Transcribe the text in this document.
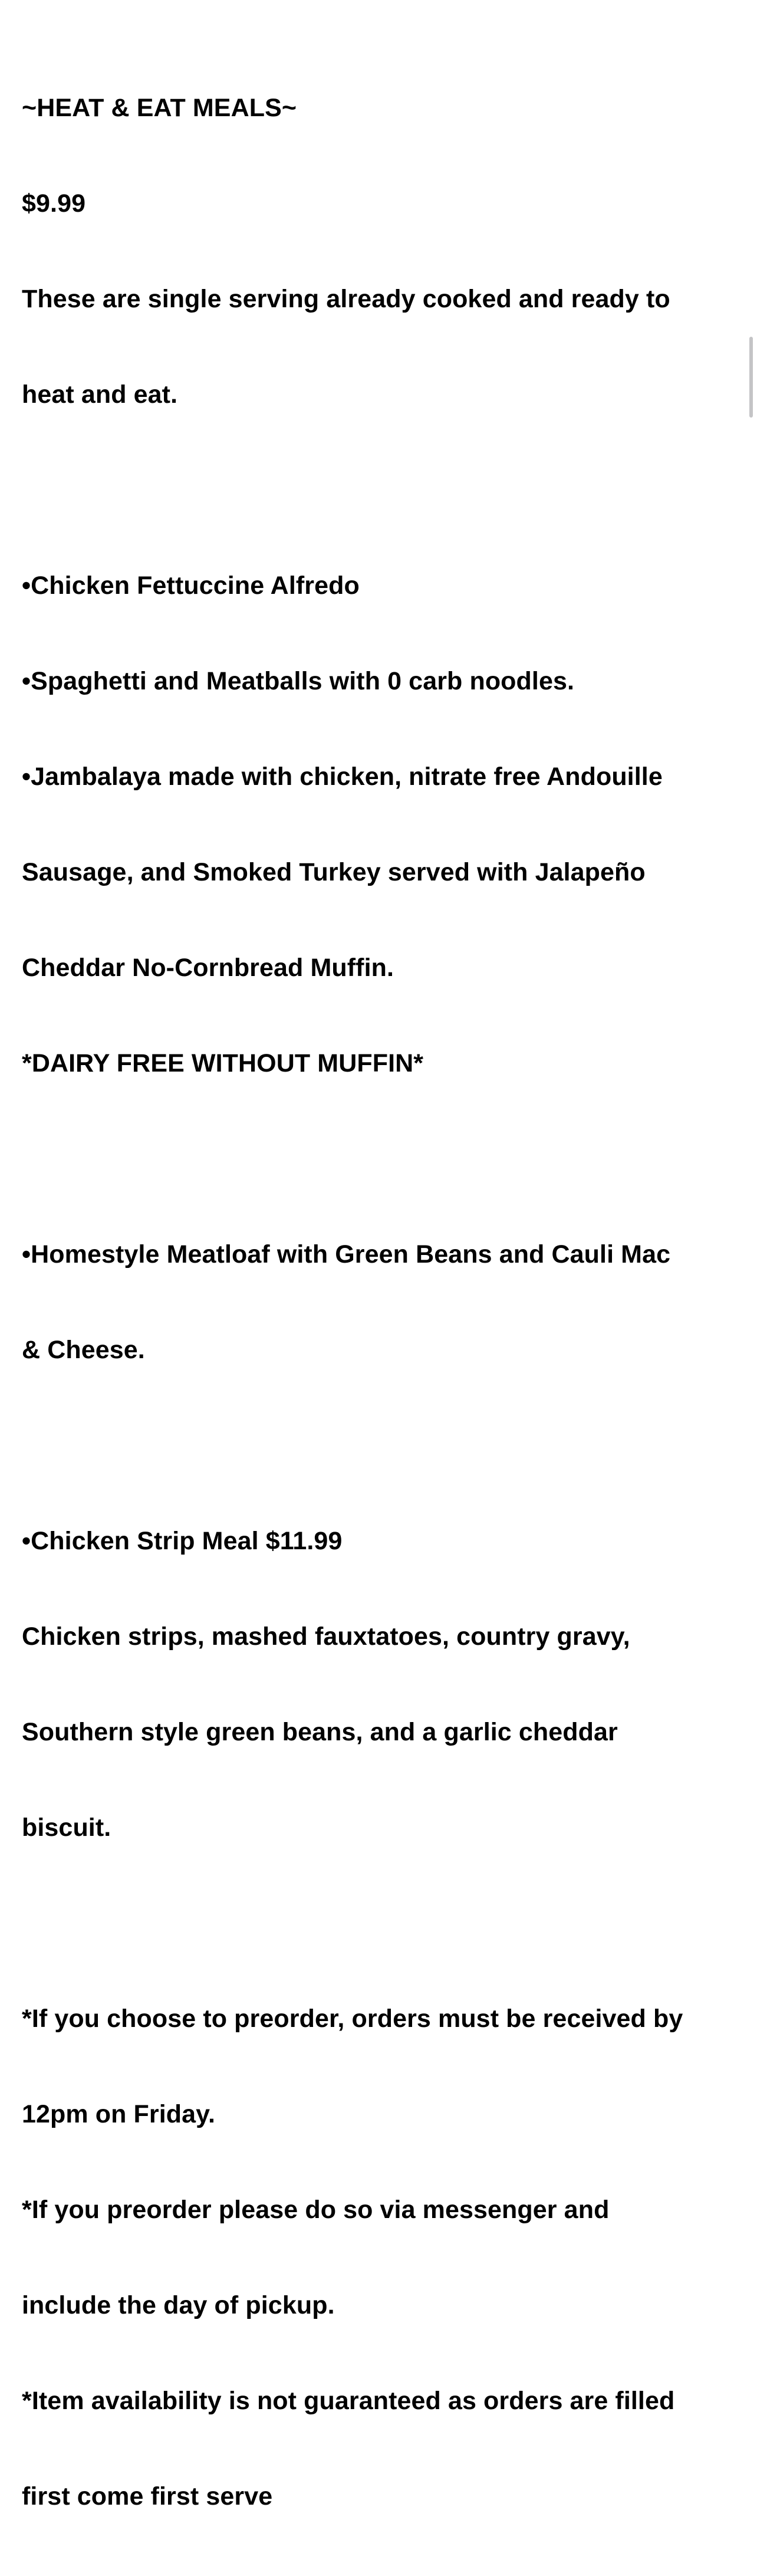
~HEAT & EAT MEALS~

$9.99

These are single serving already cooked and ready to

heat and eat.

•Chicken Fettuccine Alfredo

•Spaghetti and Meatballs with 0 carb noodles.

•Jambalaya made with chicken, nitrate free Andouille

Sausage, and Smoked Turkey served with Jalapeño

Cheddar No-Cornbread Muffin.

*DAIRY FREE WITHOUT MUFFIN*

•Homestyle Meatloaf with Green Beans and Cauli Mac

& Cheese.

•Chicken Strip Meal $11.99

Chicken strips, mashed fauxtatoes, country gravy,

Southern style green beans, and a garlic cheddar

biscuit.

*If you choose to preorder, orders must be received by

12pm on Friday.

*If you preorder please do so via messenger and

include the day of pickup.

*Item availability is not guaranteed as orders are filled

first come first serve
